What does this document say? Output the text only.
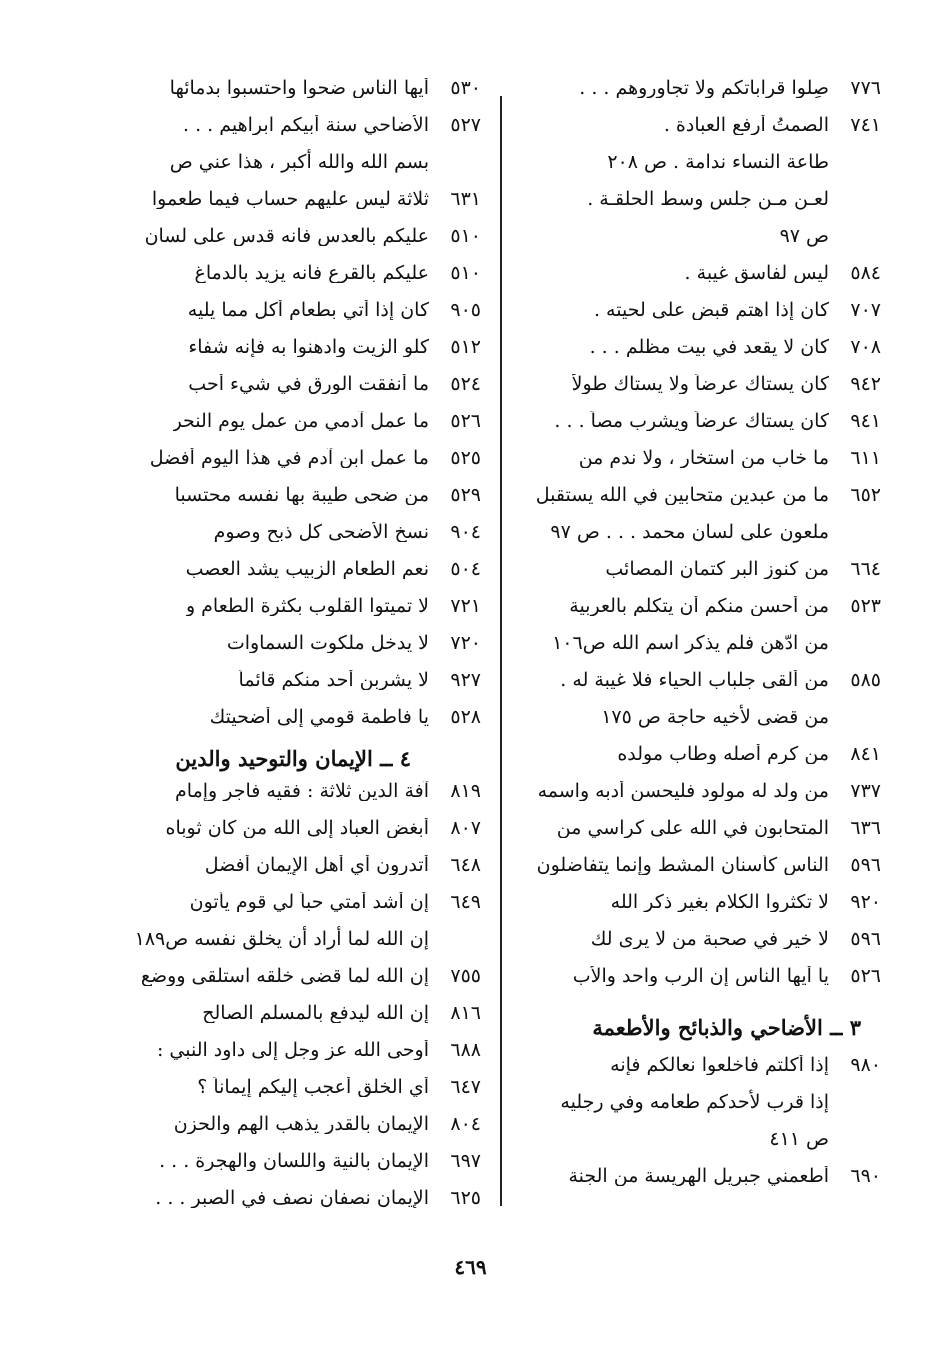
٧٧٦
صِلوا قراباتكم ولا تجاوروهم . . .
٧٤١
الصمتُ أرفع العبادة .
طاعة النساء ندامة . ص ٢٠٨
لعـن مـن جلس وسط الحلقـة .
ص ٩٧
٥٨٤
ليس لفاسق غيبة .
٧٠٧
كان إذا اهتم قبض على لحيته .
٧٠٨
كان لا يقعد في بيت مظلم . . .
٩٤٢
كان يستاك عرضاً ولا يستاك طولاً
٩٤١
كان يستاك عرضاً ويشرب مصاً . . .
٦١١
ما خاب من استخار ، ولا ندم من
٦٥٢
ما من عبدين متحابين في الله يستقبل
ملعون على لسان محمد . . . ص ٩٧
٦٦٤
من كنوز البر كتمان المصائب
٥٢٣
من أحسن منكم أن يتكلم بالعربية
من ادّهن فلم يذكر اسم الله ص١٠٦
٥٨٥
من ألقى جلباب الحياء فلا غيبة له .
من قضى لأخيه حاجة ص ١٧٥
٨٤١
من كرم أصله وطاب مولده
٧٣٧
من ولد له مولود فليحسن أدبه واسمه
٦٣٦
المتحابون في الله على كراسي من
٥٩٦
الناس كأسنان المشط وإنما يتفاضلون
٩٢٠
لا تكثروا الكلام بغير ذكر الله
٥٩٦
لا خير في صحبة من لا يرى لك
٥٢٦
يا أيها الناس إن الرب واحد والأب
٣ ــ الأضاحي والذبائح والأطعمة
٩٨٠
إذا أكلتم فاخلعوا نعالكم فإنه
إذا قرب لأحدكم طعامه وفي رجليه
ص ٤١١
٦٩٠
أطعمني جبريل الهريسة من الجنة
٥٣٠
أيها الناس ضحوا واحتسبوا بدمائها
٥٢٧
الأضاحي سنة أبيكم ابراهيم . . .
بسم الله والله أكبر ، هذا عني ص
٦٣١
ثلاثة ليس عليهم حساب فيما طعموا
٥١٠
عليكم بالعدس فانه قدس على لسان
٥١٠
عليكم بالقرع فانه يزيد بالدماغ
٩٠٥
كان إذا أتي بطعام أكل مما يليه
٥١٢
كلو الزيت وادهنوا به فإنه شفاء
٥٢٤
ما أنفقت الورق في شيء أحب
٥٢٦
ما عمل آدمي من عمل يوم النحر
٥٢٥
ما عمل ابن آدم في هذا اليوم أفضل
٥٢٩
من ضحى طيبة بها نفسه محتسبا
٩٠٤
نسخ الأضحى كل ذبح وصوم
٥٠٤
نعم الطعام الزبيب يشد العصب
٧٢١
لا تميتوا القلوب بكثرة الطعام و
٧٢٠
لا يدخل ملكوت السماوات
٩٢٧
لا يشربن أحد منكم قائماً
٥٢٨
يا فاطمة قومي إلى أضحيتك
٤ ــ الإيمان والتوحيد والدين
٨١٩
آفة الدين ثلاثة : فقيه فاجر وإمام
٨٠٧
أبغض العباد إلى الله من كان ثوباه
٦٤٨
أتدرون أي أهل الإيمان أفضل
٦٤٩
إن أشد أمتي حباً لي قوم يأتون
إن الله لما أراد أن يخلق نفسه ص١٨٩
٧٥٥
إن الله لما قضى خلقه استلقى ووضع
٨١٦
إن الله ليدفع بالمسلم الصالح
٦٨٨
أوحى الله عز وجل إلى داود النبي :
٦٤٧
أي الخلق أعجب إليكم إيماناً ؟
٨٠٤
الإيمان بالقدر يذهب الهم والحزن
٦٩٧
الإيمان بالنية واللسان والهجرة . . .
٦٢٥
الإيمان نصفان نصف في الصبر . . .
٤٦٩
